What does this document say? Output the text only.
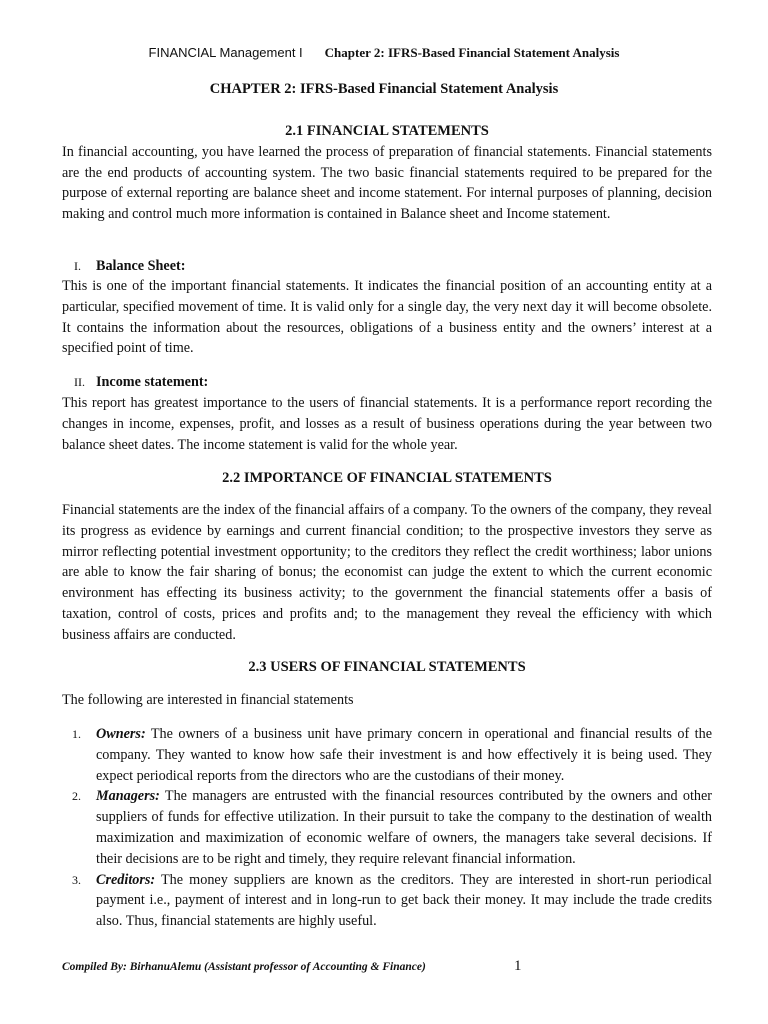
FINANCIAL Management I Chapter 2: IFRS-Based Financial Statement Analysis
CHAPTER 2: IFRS-Based Financial Statement Analysis
2.1 FINANCIAL STATEMENTS
In financial accounting, you have learned the process of preparation of financial statements. Financial statements are the end products of accounting system. The two basic financial statements required to be prepared for the purpose of external reporting are balance sheet and income statement. For internal purposes of planning, decision making and control much more information is contained in Balance sheet and Income statement.
I. Balance Sheet:
This is one of the important financial statements. It indicates the financial position of an accounting entity at a particular, specified movement of time. It is valid only for a single day, the very next day it will become obsolete. It contains the information about the resources, obligations of a business entity and the owners’ interest at a specified point of time.
II. Income statement:
This report has greatest importance to the users of financial statements. It is a performance report recording the changes in income, expenses, profit, and losses as a result of business operations during the year between two balance sheet dates. The income statement is valid for the whole year.
2.2 IMPORTANCE OF FINANCIAL STATEMENTS
Financial statements are the index of the financial affairs of a company. To the owners of the company, they reveal its progress as evidence by earnings and current financial condition; to the prospective investors they serve as mirror reflecting potential investment opportunity; to the creditors they reflect the credit worthiness; labor unions are able to know the fair sharing of bonus; the economist can judge the extent to which the current economic environment has effecting its business activity; to the government the financial statements offer a basis of taxation, control of costs, prices and profits and; to the management they reveal the efficiency with which business affairs are conducted.
2.3 USERS OF FINANCIAL STATEMENTS
The following are interested in financial statements
1. Owners: The owners of a business unit have primary concern in operational and financial results of the company. They wanted to know how safe their investment is and how effectively it is being used. They expect periodical reports from the directors who are the custodians of their money.
2. Managers: The managers are entrusted with the financial resources contributed by the owners and other suppliers of funds for effective utilization. In their pursuit to take the company to the destination of wealth maximization and maximization of economic welfare of owners, the managers take several decisions. If their decisions are to be right and timely, they require relevant financial information.
3. Creditors: The money suppliers are known as the creditors. They are interested in short-run periodical payment i.e., payment of interest and in long-run to get back their money. It may include the trade credits also. Thus, financial statements are highly useful.
Compiled By: BirhanuAlemu (Assistant professor of Accounting & Finance)	1
